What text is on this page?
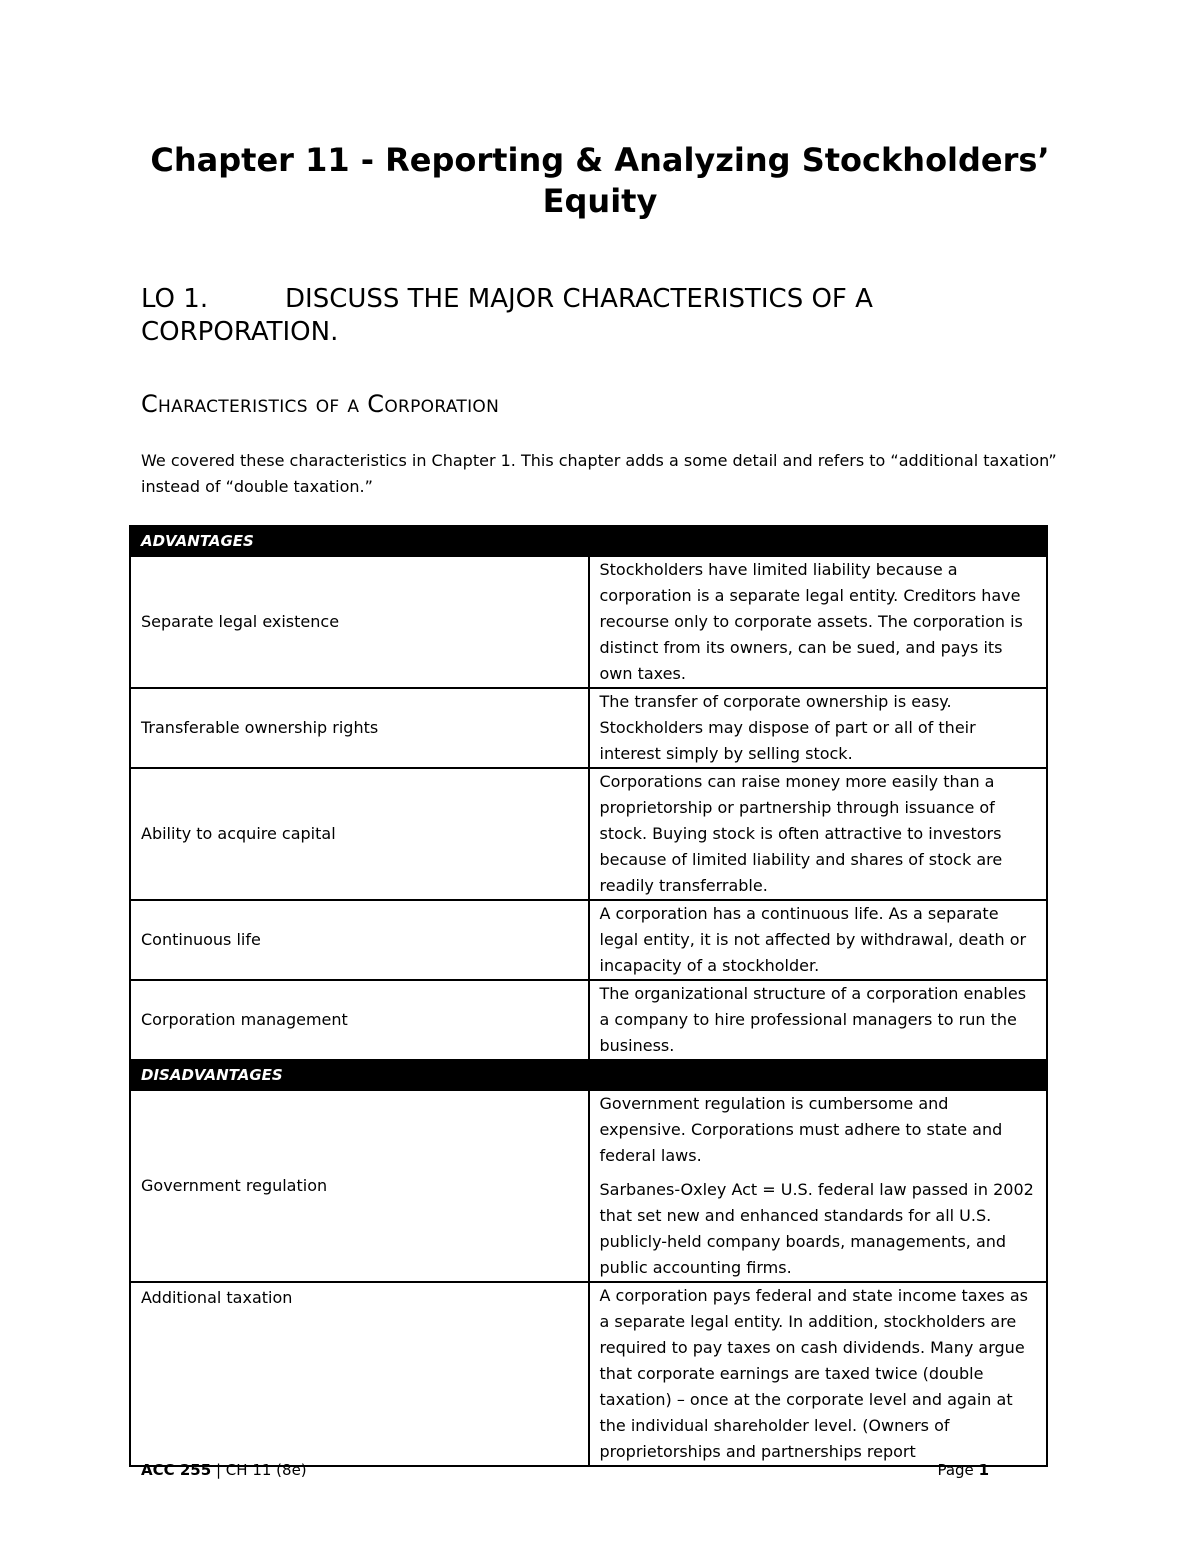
Chapter 11 - Reporting & Analyzing Stockholders’
Equity
LO 1.	DISCUSS THE MAJOR CHARACTERISTICS OF A CORPORATION.
Characteristics of a Corporation

We covered these characteristics in Chapter 1. This chapter adds a some detail and refers to “additional taxation” instead of “double taxation.”

ADVANTAGES	
Separate legal existence	Stockholders have limited liability because a corporation is a separate legal entity. Creditors have recourse only to corporate assets. The corporation is distinct from its owners, can be sued, and pays its own taxes.

Transferable ownership rights	The transfer of corporate ownership is easy. Stockholders may dispose of part or all of their interest simply by selling stock.

Ability to acquire capital	Corporations can raise money more easily than a proprietorship or partnership through issuance of stock. Buying stock is often attractive to investors because of limited liability and shares of stock are readily transferrable.

Continuous life	A corporation has a continuous life. As a separate legal entity, it is not affected by withdrawal, death or incapacity of a stockholder.

Corporation management	The organizational structure of a corporation enables a company to hire professional managers to run the business.

DISADVANTAGES	
Government regulation	Government regulation is cumbersome and expensive. Corporations must adhere to state and federal laws.

Sarbanes-Oxley Act = U.S. federal law passed in 2002 that set new and enhanced standards for all U.S. publicly-held company boards, managements, and public accounting firms.

Additional taxation	A corporation pays federal and state income taxes as a separate legal entity. In addition, stockholders are required to pay taxes on cash dividends. Many argue that corporate earnings are taxed twice (double taxation) – once at the corporate level and again at the individual shareholder level. (Owners of proprietorships and partnerships report

ACC 255 | CH 11 (8e)	Page 1
